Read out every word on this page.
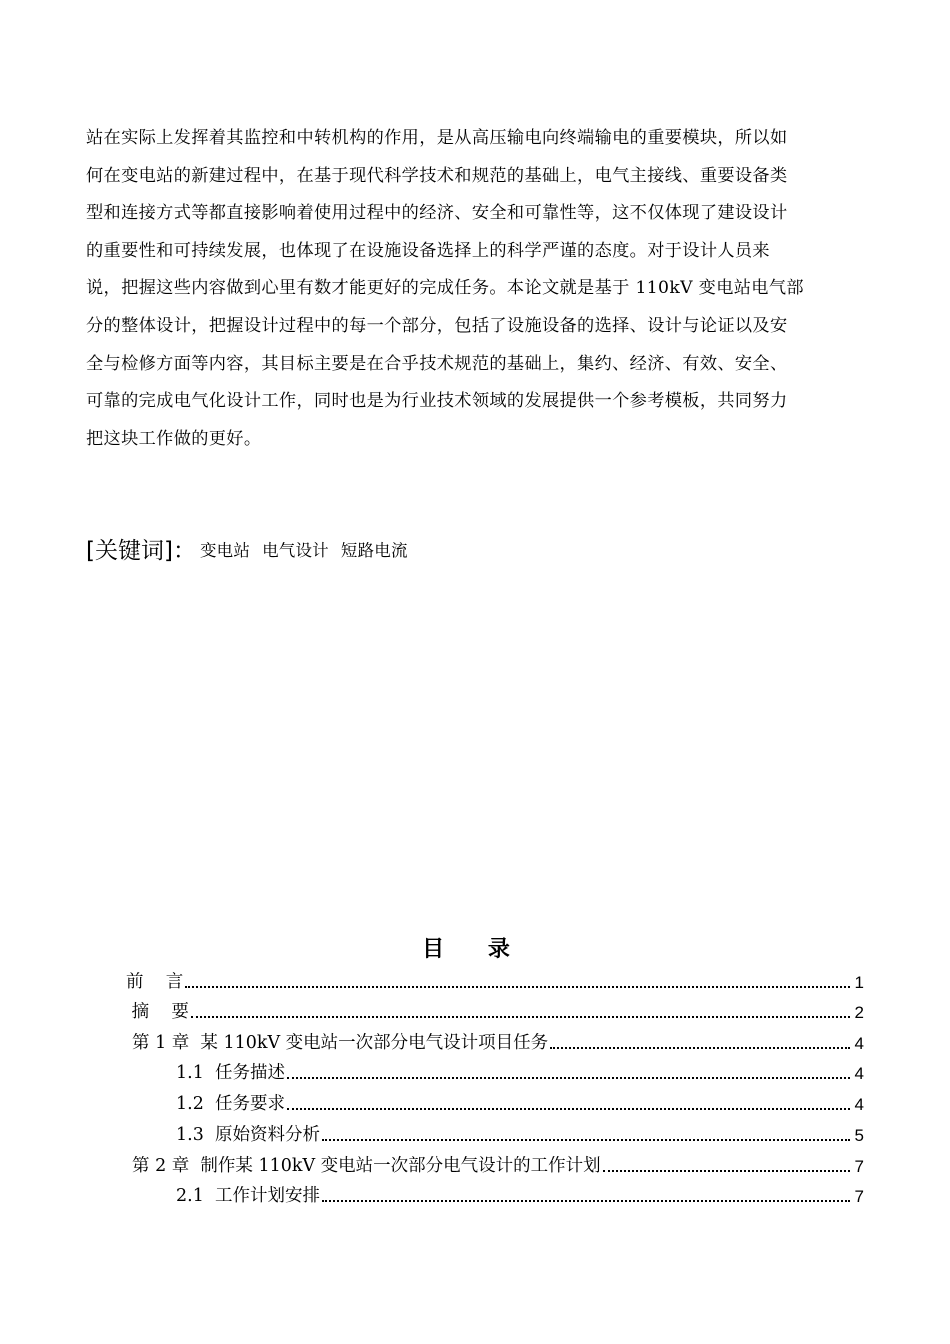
站在实际上发挥着其监控和中转机构的作用，是从高压输电向终端输电的重要模块，所以如
何在变电站的新建过程中，在基于现代科学技术和规范的基础上，电气主接线、重要设备类
型和连接方式等都直接影响着使用过程中的经济、安全和可靠性等，这不仅体现了建设设计
的重要性和可持续发展，也体现了在设施设备选择上的科学严谨的态度。对于设计人员来
说，把握这些内容做到心里有数才能更好的完成任务。本论文就是基于 110kV 变电站电气部
分的整体设计，把握设计过程中的每一个部分，包括了设施设备的选择、设计与论证以及安
全与检修方面等内容，其目标主要是在合乎技术规范的基础上，集约、经济、有效、安全、
可靠的完成电气化设计工作，同时也是为行业技术领域的发展提供一个参考模板，共同努力
把这块工作做的更好。
[关键词]： 变电站 电气设计 短路电流
目 录
前    言	1
摘    要	2
第 1 章  某 110kV 变电站一次部分电气设计项目任务	4
1.1  任务描述	4
1.2  任务要求	4
1.3  原始资料分析	5
第 2 章  制作某 110kV 变电站一次部分电气设计的工作计划	7
2.1  工作计划安排	7
